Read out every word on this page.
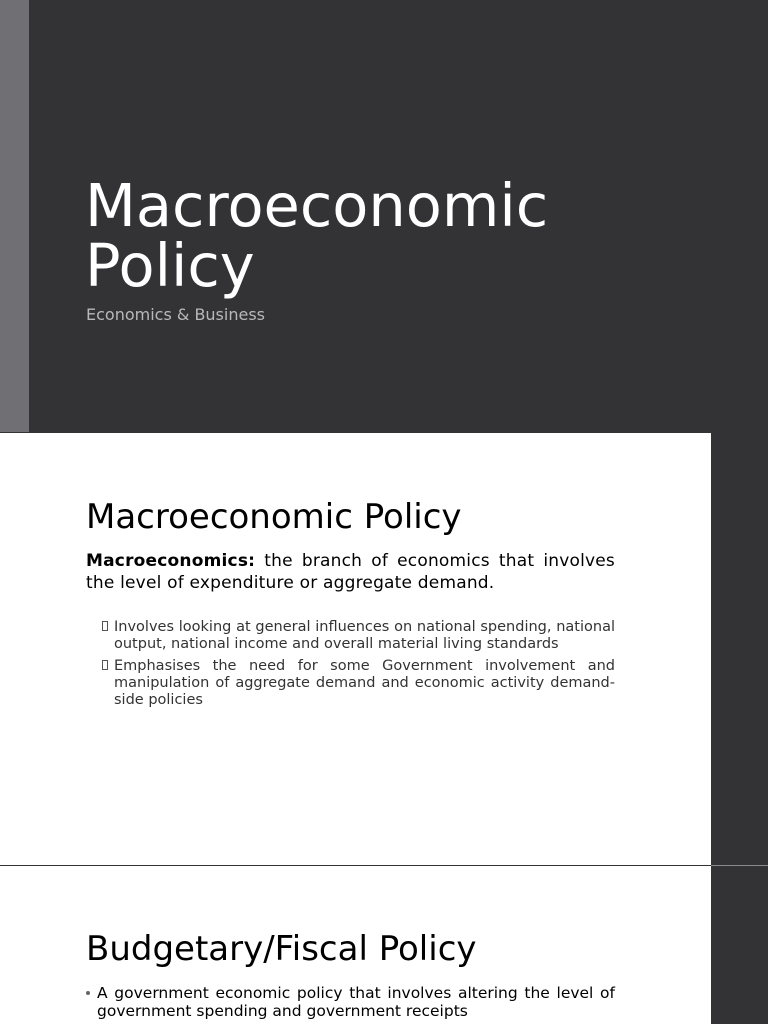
Macroeconomic
Policy
Economics & Business
Macroeconomic Policy
Macroeconomics: the branch of economics that involves the level of expenditure or aggregate demand.
Involves looking at general influences on national spending, national output, national income and overall material living standards
Emphasises the need for some Government involvement and manipulation of aggregate demand and economic activity demand-side policies
Budgetary/Fiscal Policy
A government economic policy that involves altering the level of government spending and government receipts
